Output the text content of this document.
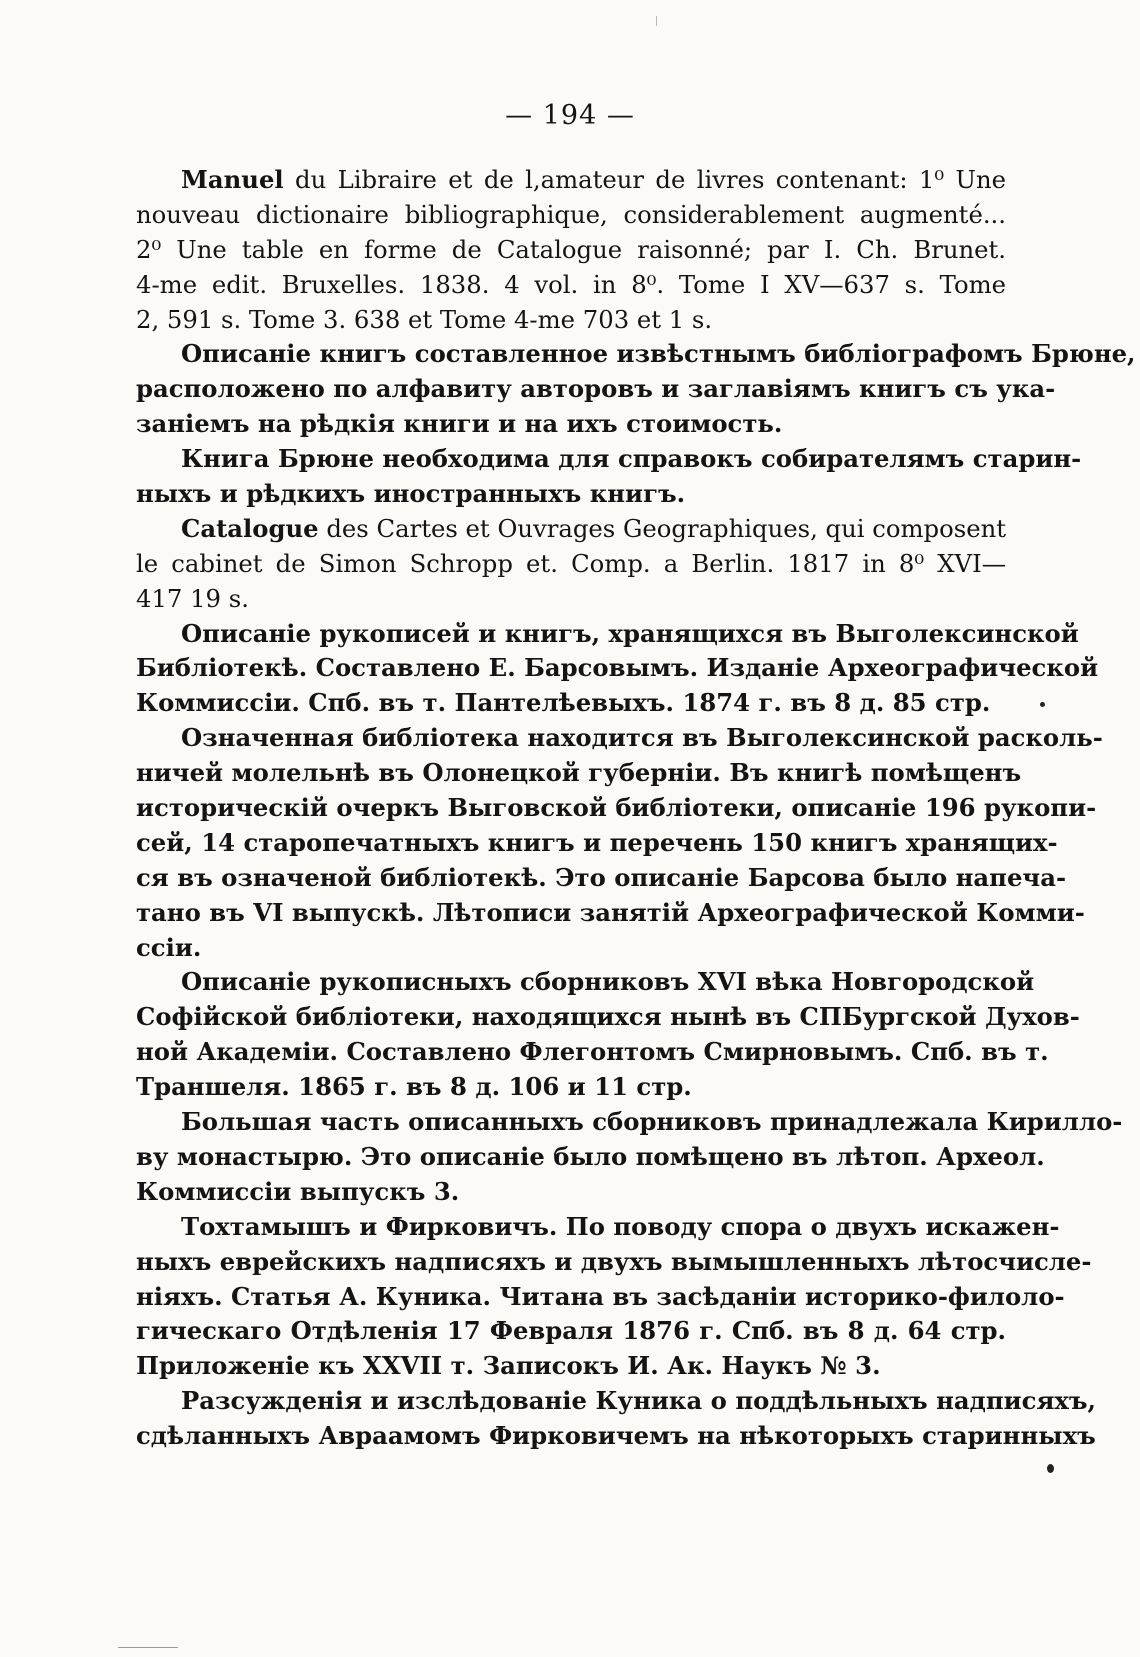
— 194 —
Manuel du Libraire et de l,amateur de livres contenant: 1⁰ Une
nouveau dictionaire bibliographique, considerablement augmenté...
2⁰ Une table en forme de Catalogue raisonné; par I. Ch. Brunet.
4-me edit. Bruxelles. 1838. 4 vol. in 8⁰. Tome I XV—637 s. Tome
2, 591 s. Tome 3. 638 et Tome 4-me 703 et 1 s.
Описаніе книгъ составленное извѣстнымъ библіографомъ Брюне,
расположено по алфавиту авторовъ и заглавіямъ книгъ съ ука-
заніемъ на рѣдкія книги и на ихъ стоимость.
Книга Брюне необходима для справокъ собирателямъ старин-
ныхъ и рѣдкихъ иностранныхъ книгъ.
Catalogue des Cartes et Ouvrages Geographiques, qui composent
le cabinet de Simon Schropp et. Comp. a Berlin. 1817 in 8⁰ XVI—
417 19 s.
Описаніе рукописей и книгъ, хранящихся въ Выголексинской
Библіотекѣ. Составлено Е. Барсовымъ. Изданіе Археографической
Коммиссіи. Спб. въ т. Пантелѣевыхъ. 1874 г. въ 8 д. 85 стр.
Означенная библіотека находится въ Выголексинской расколь-
ничей молельнѣ въ Олонецкой губерніи. Въ книгѣ помѣщенъ
историческій очеркъ Выговской библіотеки, описаніе 196 рукопи-
сей, 14 старопечатныхъ книгъ и перечень 150 книгъ хранящих-
ся въ означеной библіотекѣ. Это описаніе Барсова было напеча-
тано въ VI выпускѣ. Лѣтописи занятій Археографической Комми-
ссіи.
Описаніе рукописныхъ сборниковъ XVI вѣка Новгородской
Софійской библіотеки, находящихся нынѣ въ СПБургской Духов-
ной Академіи. Составлено Флегонтомъ Смирновымъ. Спб. въ т.
Траншеля. 1865 г. въ 8 д. 106 и 11 стр.
Большая часть описанныхъ сборниковъ принадлежала Кирилло-
ву монастырю. Это описаніе было помѣщено въ лѣтоп. Археол.
Коммиссіи выпускъ 3.
Тохтамышъ и Фирковичъ. По поводу спора о двухъ искажен-
ныхъ еврейскихъ надписяхъ и двухъ вымышленныхъ лѣтосчисле-
ніяхъ. Статья А. Куника. Читана въ засѣданіи историко-филоло-
гическаго Отдѣленія 17 Февраля 1876 г. Спб. въ 8 д. 64 стр.
Приложеніе къ XXVII т. Записокъ И. Ак. Наукъ № 3.
Разсужденія и изслѣдованіе Куника о поддѣльныхъ надписяхъ,
сдѣланныхъ Авраамомъ Фирковичемъ на нѣкоторыхъ старинныхъ
